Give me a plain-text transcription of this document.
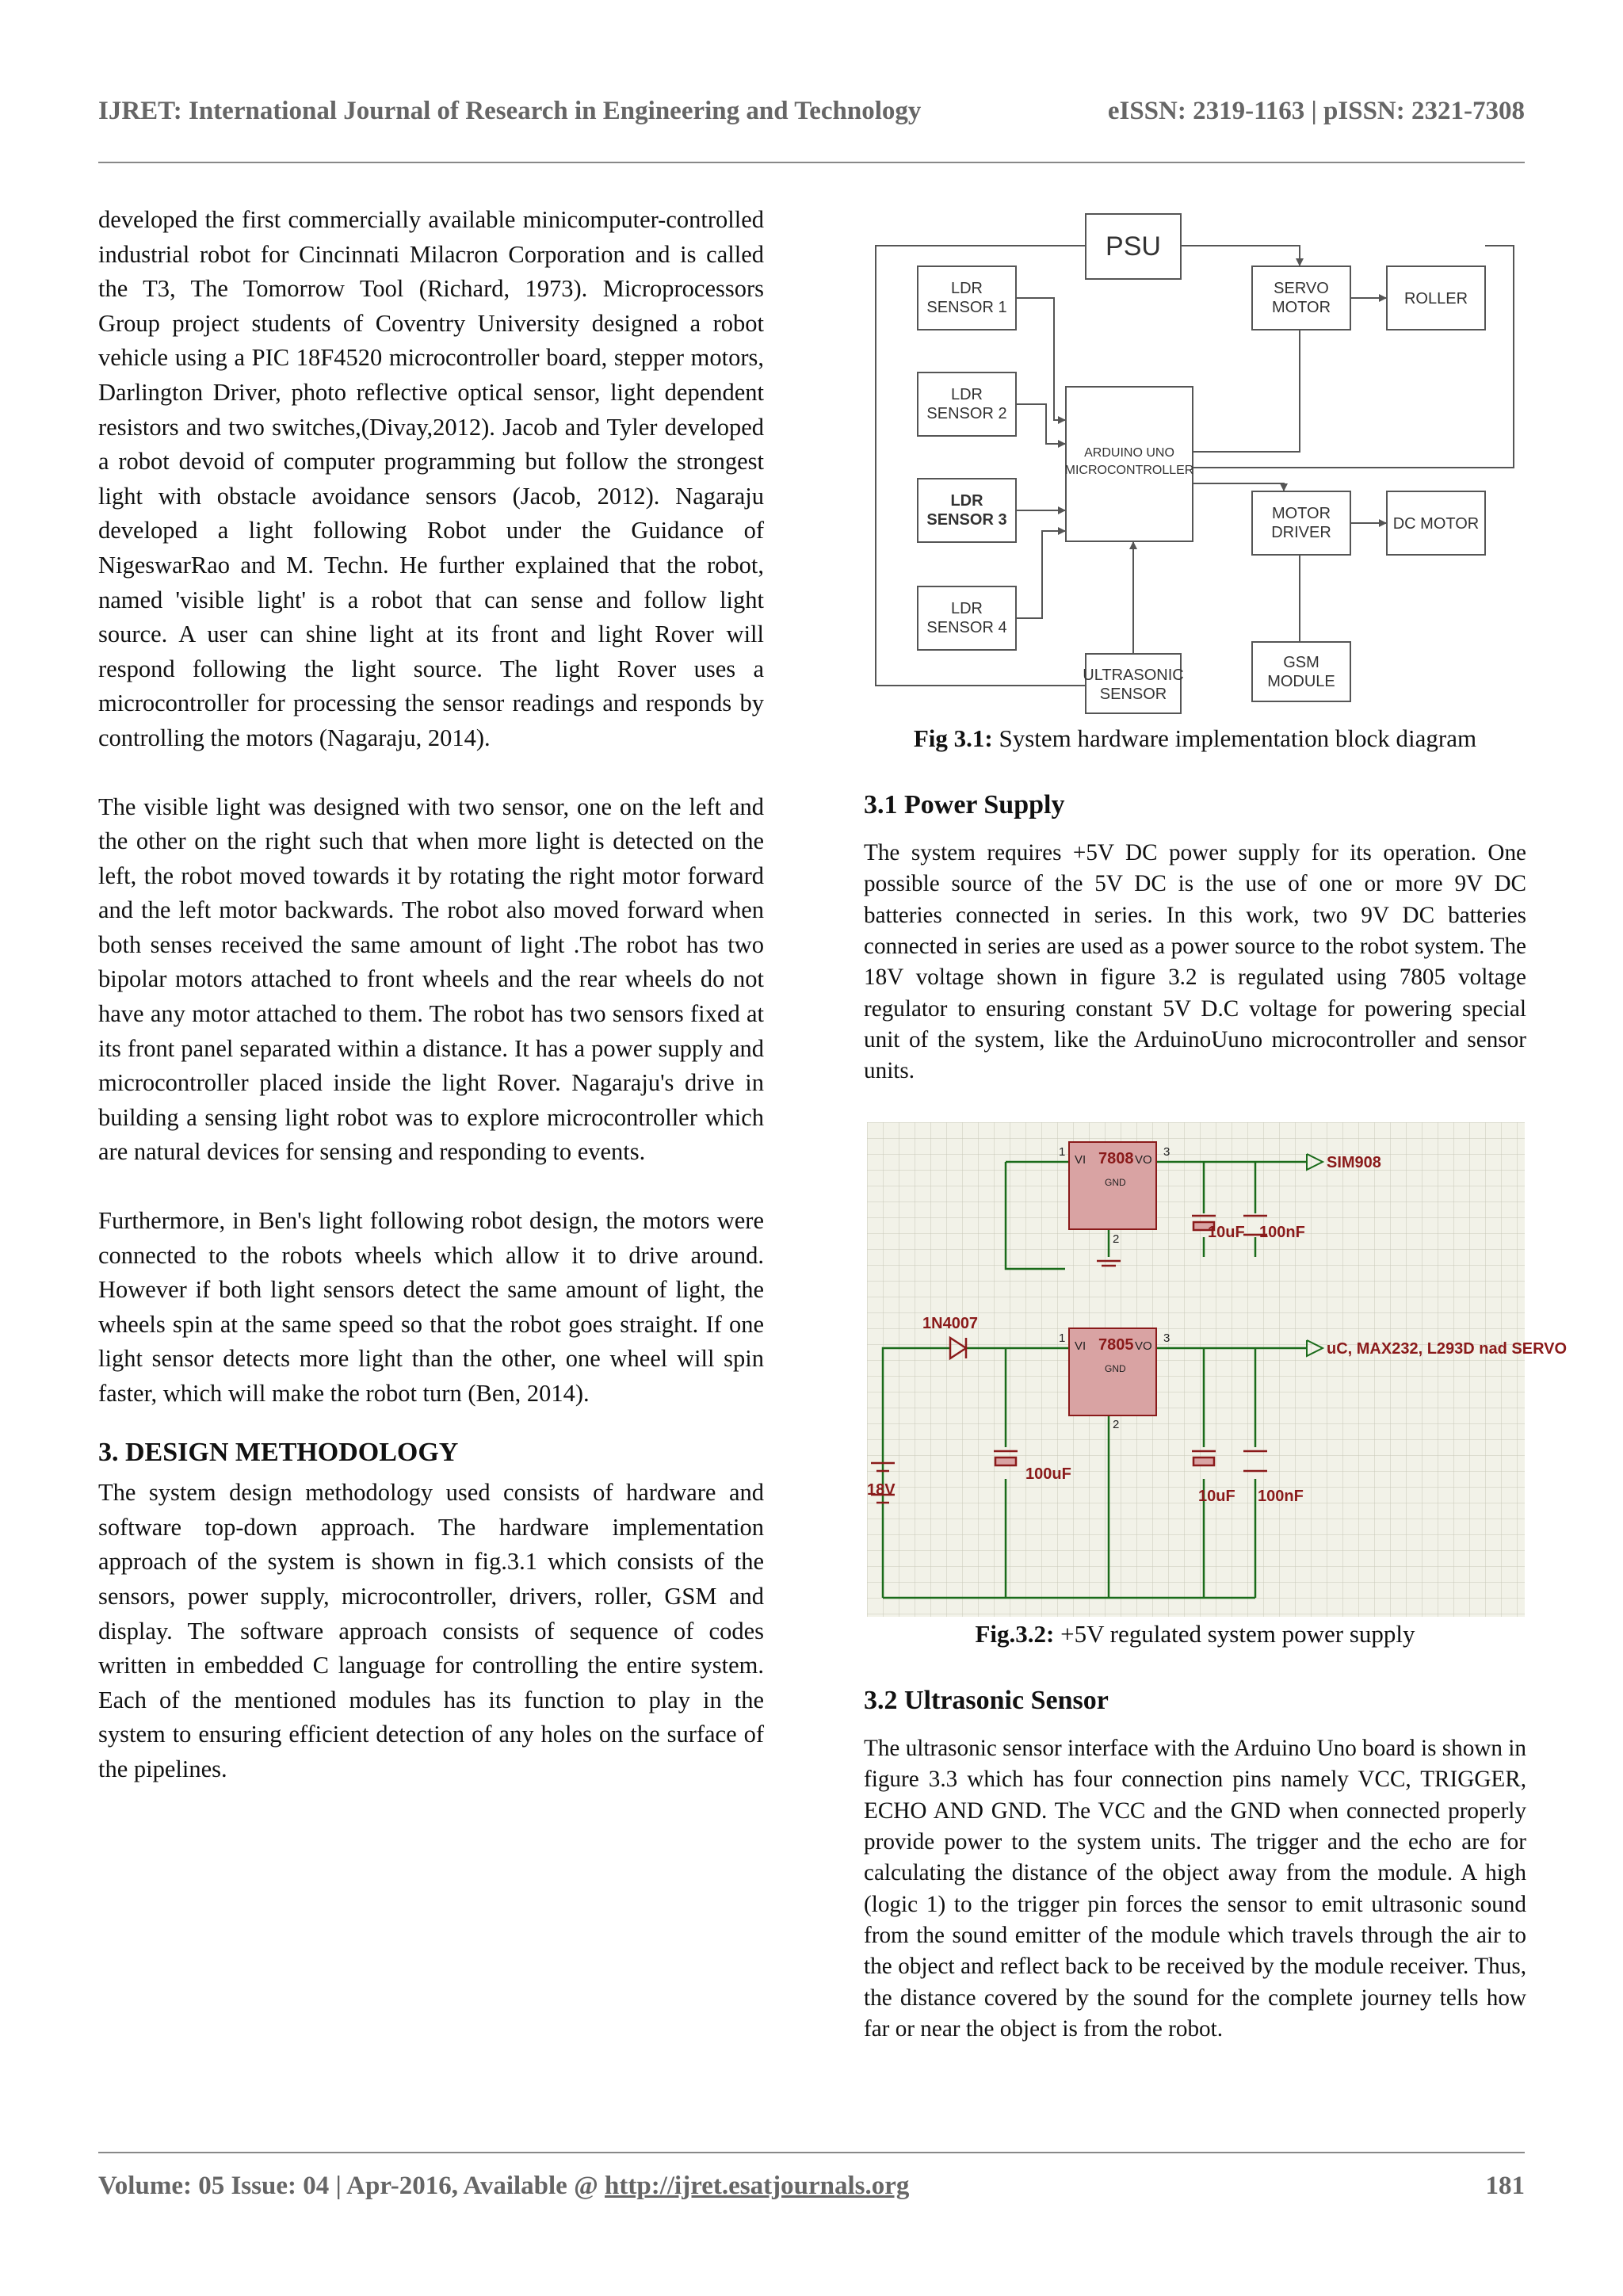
IJRET: International Journal of Research in Engineering and Technology	eISSN: 2319-1163 | pISSN: 2321-7308

developed the first commercially available minicomputer-controlled industrial robot for Cincinnati Milacron Corporation and is called the T3, The Tomorrow Tool (Richard, 1973). Microprocessors Group project students of Coventry University designed a robot vehicle using a PIC 18F4520 microcontroller board, stepper motors, Darlington Driver, photo reflective optical sensor, light dependent resistors and two switches,(Divay,2012). Jacob and Tyler developed a robot devoid of computer programming but follow the strongest light with obstacle avoidance sensors (Jacob, 2012). Nagaraju developed a light following Robot under the Guidance of NigeswarRao and M. Techn. He further explained that the robot, named 'visible light' is a robot that can sense and follow light source. A user can shine light at its front and light Rover will respond following the light source. The light Rover uses a microcontroller for processing the sensor readings and responds by controlling the motors (Nagaraju, 2014).

The visible light was designed with two sensor, one on the left and the other on the right such that when more light is detected on the left, the robot moved towards it by rotating the right motor forward and the left motor backwards. The robot also moved forward when both senses received the same amount of light .The robot has two bipolar motors attached to front wheels and the rear wheels do not have any motor attached to them. The robot has two sensors fixed at its front panel separated within a distance. It has a power supply and microcontroller placed inside the light Rover. Nagaraju's drive in building a sensing light robot was to explore microcontroller which are natural devices for sensing and responding to events.

Furthermore, in Ben's light following robot design, the motors were connected to the robots wheels which allow it to drive around. However if both light sensors detect the same amount of light, the wheels spin at the same speed so that the robot goes straight. If one light sensor detects more light than the other, one wheel will spin faster, which will make the robot turn (Ben, 2014).

3. DESIGN METHODOLOGY

The system design methodology used consists of hardware and software top-down approach. The hardware implementation approach of the system is shown in fig.3.1 which consists of the sensors, power supply, microcontroller, drivers, roller, GSM and display. The software approach consists of sequence of codes written in embedded C language for controlling the entire system. Each of the mentioned modules has its function to play in the system to ensuring efficient detection of any holes on the surface of the pipelines.

PSU
LDR
SENSOR 1
LDR
SENSOR 2
LDR
SENSOR 3
LDR
SENSOR 4
ARDUINO UNO
MICROCONTROLLER
SERVO
MOTOR	ROLLER
MOTOR
DRIVER	DC MOTOR
ULTRASONIC
SENSOR
GSM
MODULE
Fig 3.1: System hardware implementation block diagram
3.1 Power Supply

The system requires +5V DC power supply for its operation. One possible source of the 5V DC is the use of one or more 9V DC batteries connected in series. In this work, two 9V DC batteries connected in series are used as a power source to the robot system. The 18V voltage shown in figure 3.2 is regulated using 7805 voltage regulator to ensuring constant 5V D.C voltage for powering special unit of the system, like the ArduinoUuno microcontroller and sensor units.

VI	VO
VI	VO
GND
GND
1	3
1	3
2
2
7808
7805
SIM908
uC, MAX232, L293D nad SERVO
10uF 100nF
1N4007
100uF
10uF 100nF
18V
Fig.3.2: +5V regulated system power supply
3.2 Ultrasonic Sensor

The ultrasonic sensor interface with the Arduino Uno board is shown in figure 3.3 which has four connection pins namely VCC, TRIGGER, ECHO AND GND. The VCC and the GND when connected properly provide power to the system units. The trigger and the echo are for calculating the distance of the object away from the module. A high (logic 1) to the trigger pin forces the sensor to emit ultrasonic sound from the sound emitter of the module which travels through the air to the object and reflect back to be received by the module receiver. Thus, the distance covered by the sound for the complete journey tells how far or near the object is from the robot.

Volume: 05 Issue: 04 | Apr-2016, Available @ http://ijret.esatjournals.org	181
